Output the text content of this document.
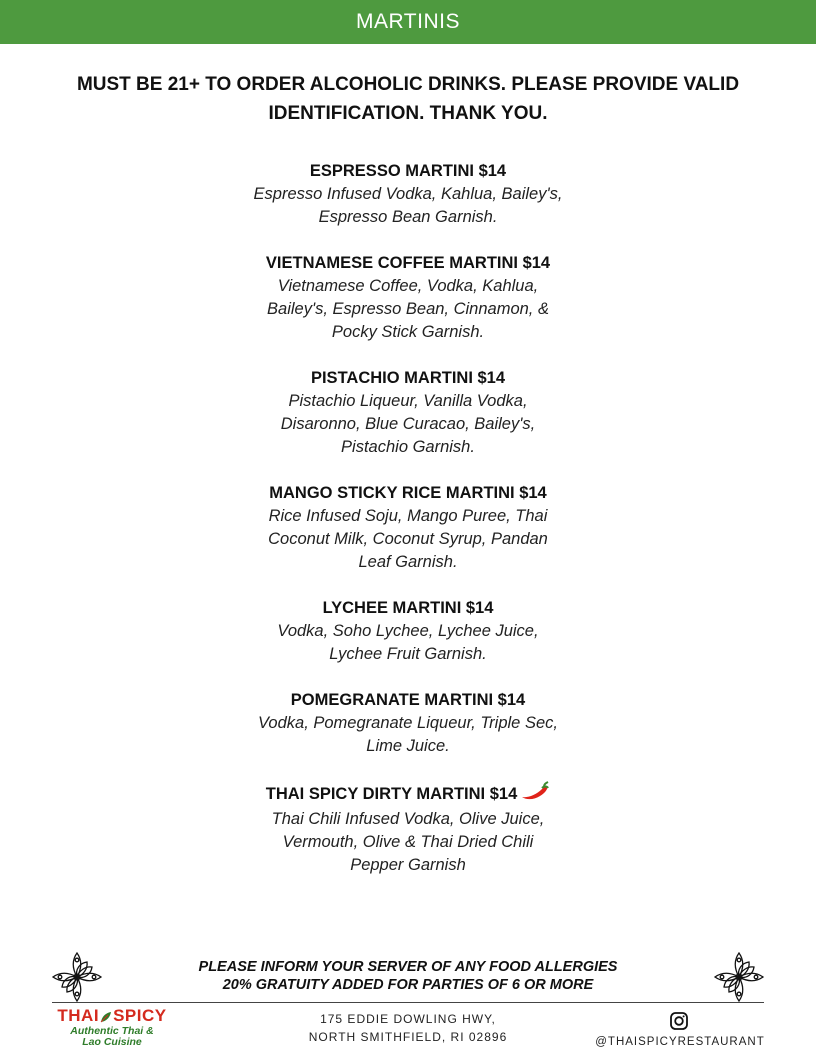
MARTINIS
MUST BE 21+ TO ORDER ALCOHOLIC DRINKS. PLEASE PROVIDE VALID IDENTIFICATION. THANK YOU.
ESPRESSO MARTINI $14
Espresso Infused Vodka, Kahlua, Bailey's,
Espresso Bean Garnish.
VIETNAMESE COFFEE MARTINI $14
Vietnamese Coffee, Vodka, Kahlua,
Bailey's, Espresso Bean, Cinnamon, &
Pocky Stick Garnish.
PISTACHIO MARTINI $14
Pistachio Liqueur, Vanilla Vodka,
Disaronno, Blue Curacao, Bailey's,
Pistachio Garnish.
MANGO STICKY RICE MARTINI $14
Rice Infused Soju, Mango Puree, Thai
Coconut Milk, Coconut Syrup, Pandan
Leaf Garnish.
LYCHEE MARTINI $14
Vodka, Soho Lychee, Lychee Juice,
Lychee Fruit Garnish.
POMEGRANATE MARTINI $14
Vodka, Pomegranate Liqueur, Triple Sec,
Lime Juice.
THAI SPICY DIRTY MARTINI $14
Thai Chili Infused Vodka, Olive Juice,
Vermouth, Olive & Thai Dried Chili
Pepper Garnish
PLEASE INFORM YOUR SERVER OF ANY FOOD ALLERGIES
20% GRATUITY ADDED FOR PARTIES OF 6 OR MORE
THAI SPICY
Authentic Thai &
Lao Cuisine
175 EDDIE DOWLING HWY,
NORTH SMITHFIELD, RI 02896	@THAISPICYRESTAURANT
